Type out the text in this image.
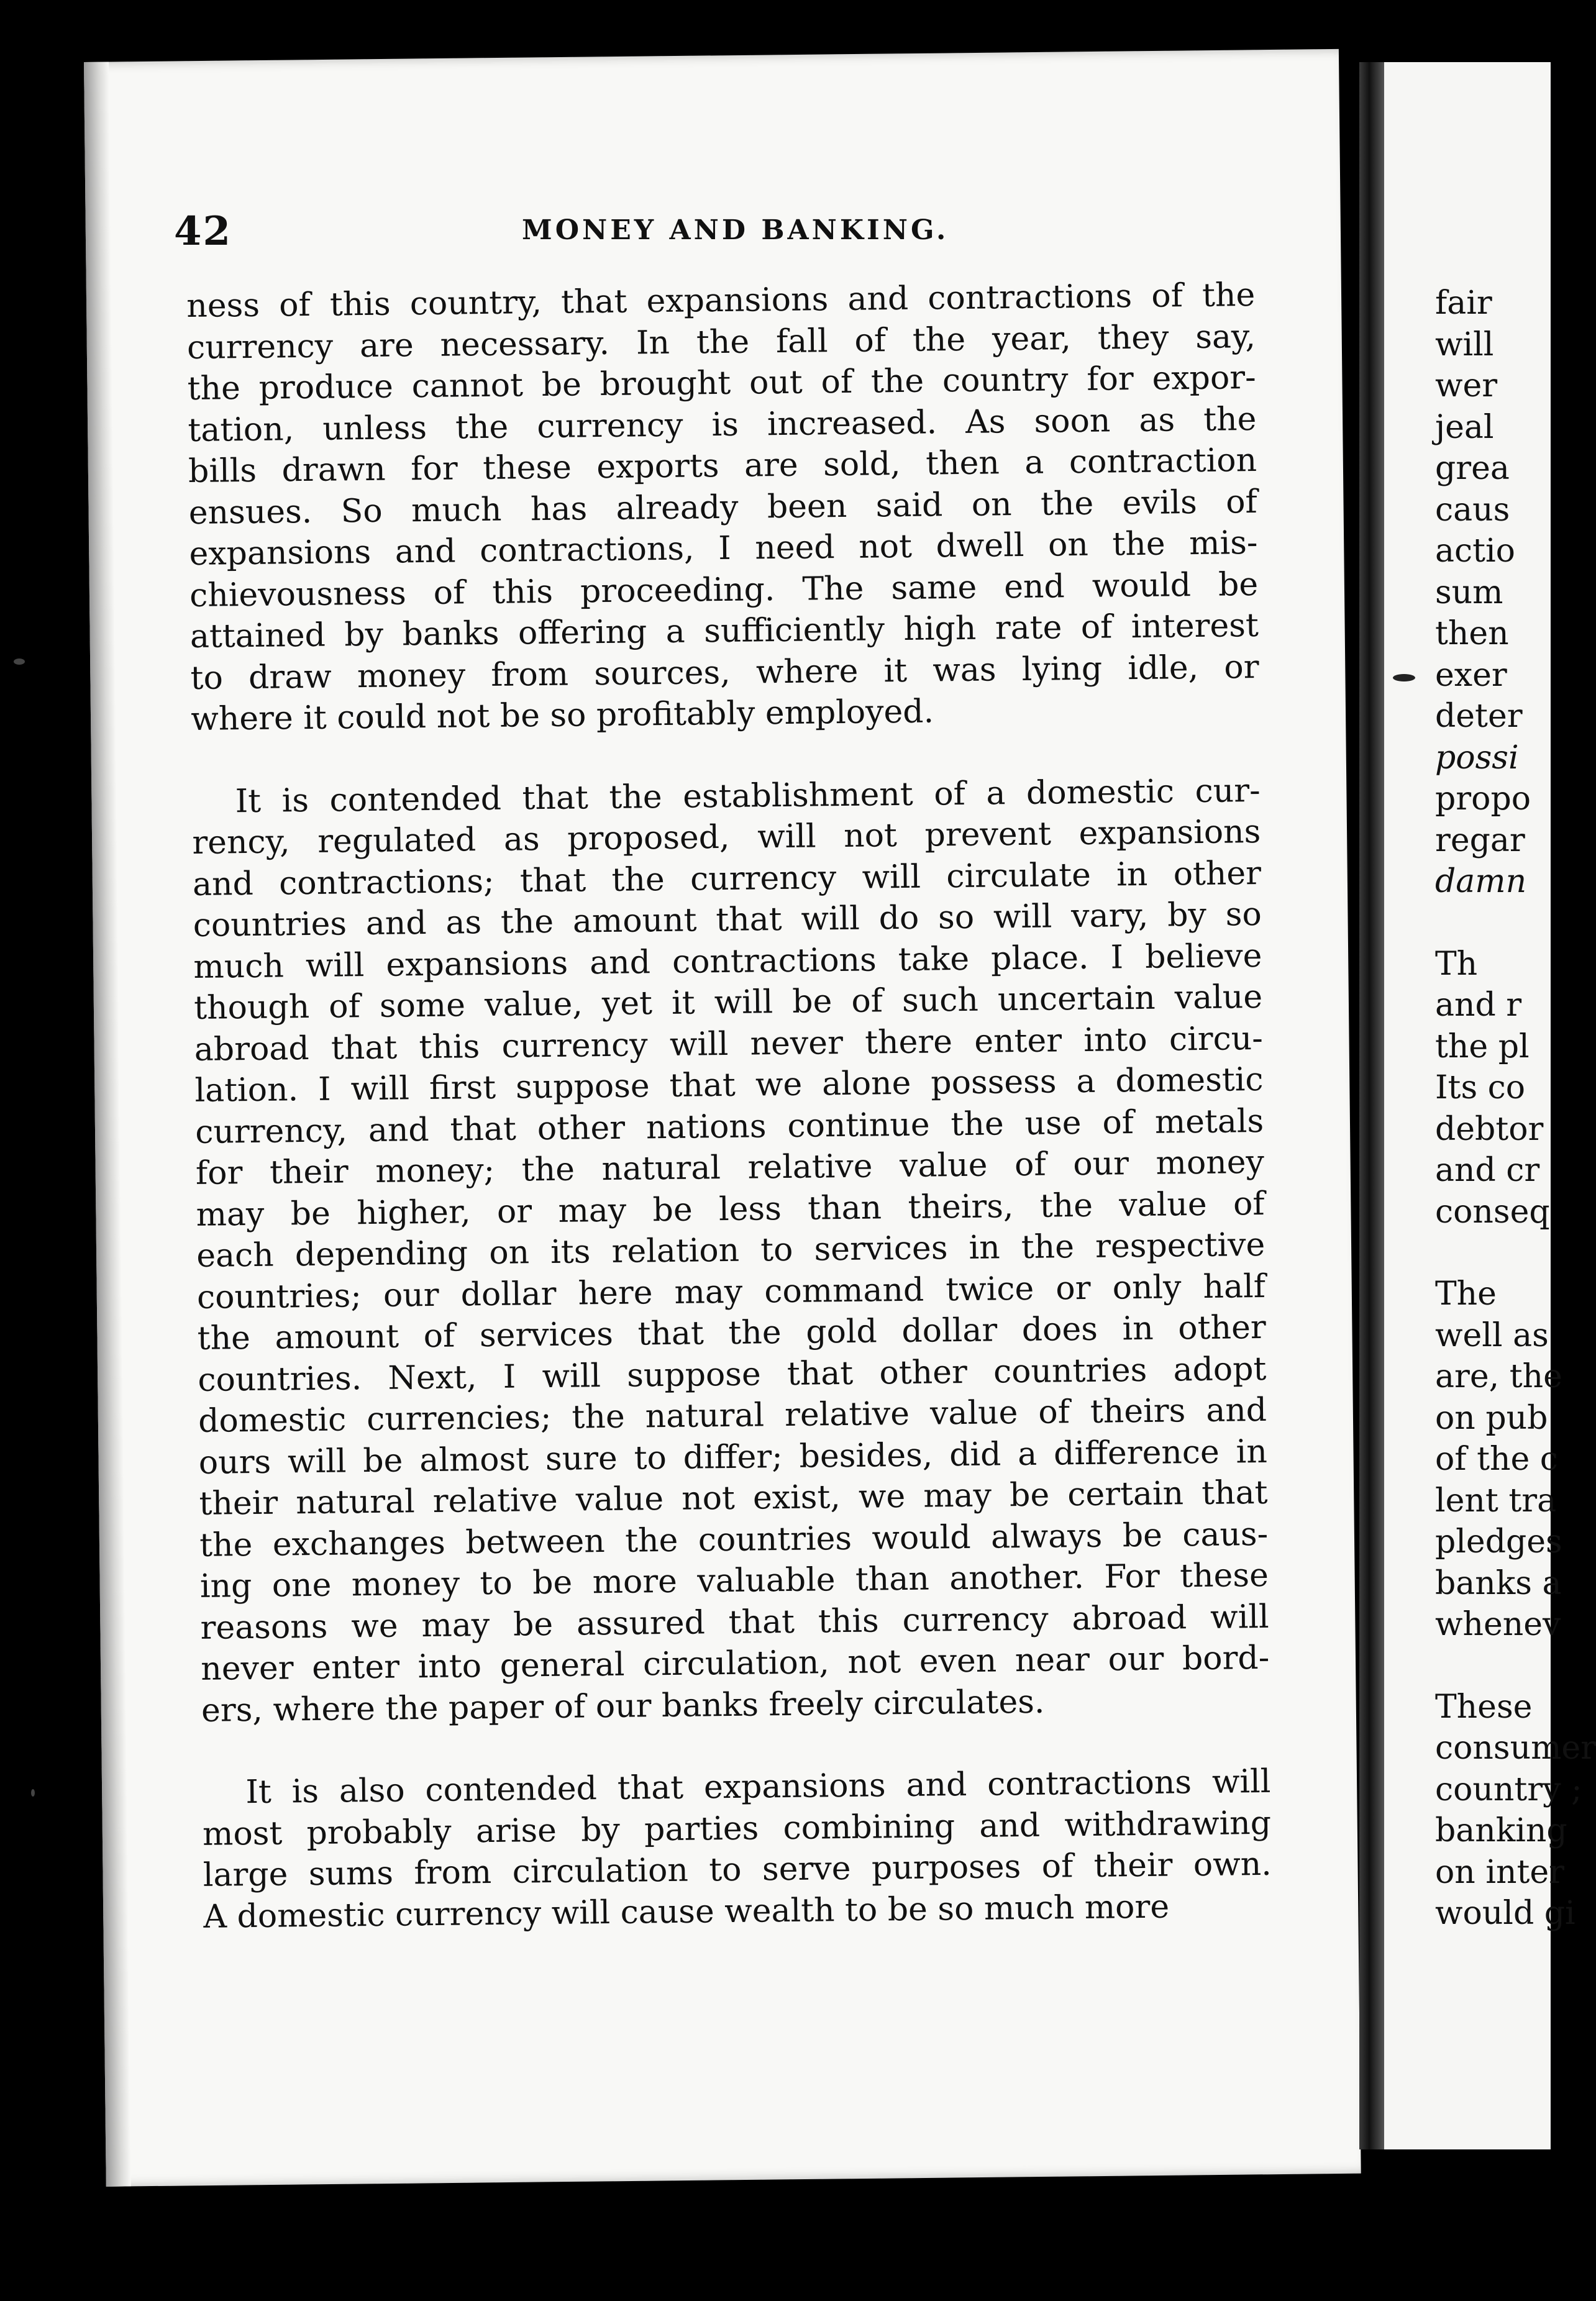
42	MONEY AND BANKING.
ness of this country, that expansions and contractions of the
currency are necessary. In the fall of the year, they say,
the produce cannot be brought out of the country for expor-
tation, unless the currency is increased. As soon as the
bills drawn for these exports are sold, then a contraction
ensues. So much has already been said on the evils of
expansions and contractions, I need not dwell on the mis-
chievousness of this proceeding. The same end would be
attained by banks offering a sufficiently high rate of interest
to draw money from sources, where it was lying idle, or
where it could not be so profitably employed.
It is contended that the establishment of a domestic cur-
rency, regulated as proposed, will not prevent expansions
and contractions; that the currency will circulate in other
countries and as the amount that will do so will vary, by so
much will expansions and contractions take place. I believe
though of some value, yet it will be of such uncertain value
abroad that this currency will never there enter into circu-
lation. I will first suppose that we alone possess a domestic
currency, and that other nations continue the use of metals
for their money; the natural relative value of our money
may be higher, or may be less than theirs, the value of
each depending on its relation to services in the respective
countries; our dollar here may command twice or only half
the amount of services that the gold dollar does in other
countries. Next, I will suppose that other countries adopt
domestic currencies; the natural relative value of theirs and
ours will be almost sure to differ; besides, did a difference in
their natural relative value not exist, we may be certain that
the exchanges between the countries would always be caus-
ing one money to be more valuable than another. For these
reasons we may be assured that this currency abroad will
never enter into general circulation, not even near our bord-
ers, where the paper of our banks freely circulates.
It is also contended that expansions and contractions will
most probably arise by parties combining and withdrawing
large sums from circulation to serve purposes of their own.
A domestic currency will cause wealth to be so much more
fair
will
wer
jeal
grea
caus
actio
sum
then
exer
deter
possi
propo
regar
damn
Th
and r
the pl
Its co
debtor
and cr
conseq
The
well as
are, the
on pub
of the c
lent tra
pledges
banks a
whenev
These
consumer
country ;
banking
on inter
would gi
